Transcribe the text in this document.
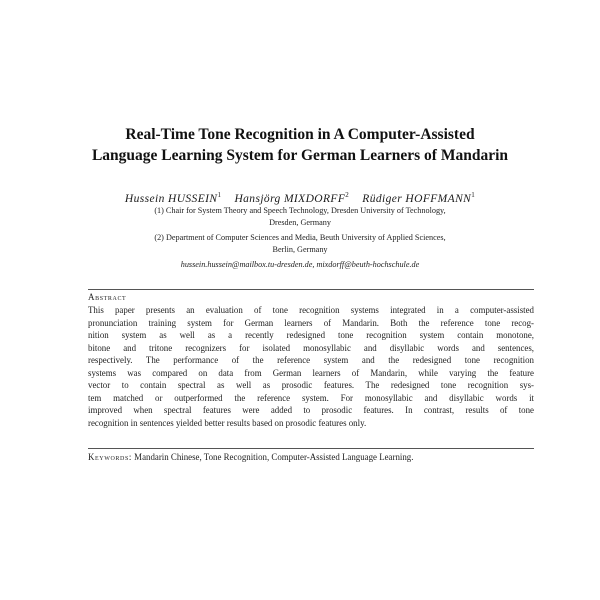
Real-Time Tone Recognition in A Computer-Assisted
Language Learning System for German Learners of Mandarin
Hussein HUSSEIN$^1$ Hansjörg MIXDORFF$^2$ Rüdiger HOFFMANN$^1$
(1) Chair for System Theory and Speech Technology, Dresden University of Technology,
Dresden, Germany
(2) Department of Computer Sciences and Media, Beuth University of Applied Sciences,
Berlin, Germany
hussein.hussein@mailbox.tu-dresden.de, mixdorff@beuth-hochschule.de
Abstract
This paper presents an evaluation of tone recognition systems integrated in a computer-assisted
pronunciation training system for German learners of Mandarin. Both the reference tone recog-
nition system as well as a recently redesigned tone recognition system contain monotone,
bitone and tritone recognizers for isolated monosyllabic and disyllabic words and sentences,
respectively. The performance of the reference system and the redesigned tone recognition
systems was compared on data from German learners of Mandarin, while varying the feature
vector to contain spectral as well as prosodic features. The redesigned tone recognition sys-
tem matched or outperformed the reference system. For monosyllabic and disyllabic words it
improved when spectral features were added to prosodic features. In contrast, results of tone
recognition in sentences yielded better results based on prosodic features only.
Keywords: Mandarin Chinese, Tone Recognition, Computer-Assisted Language Learning.
